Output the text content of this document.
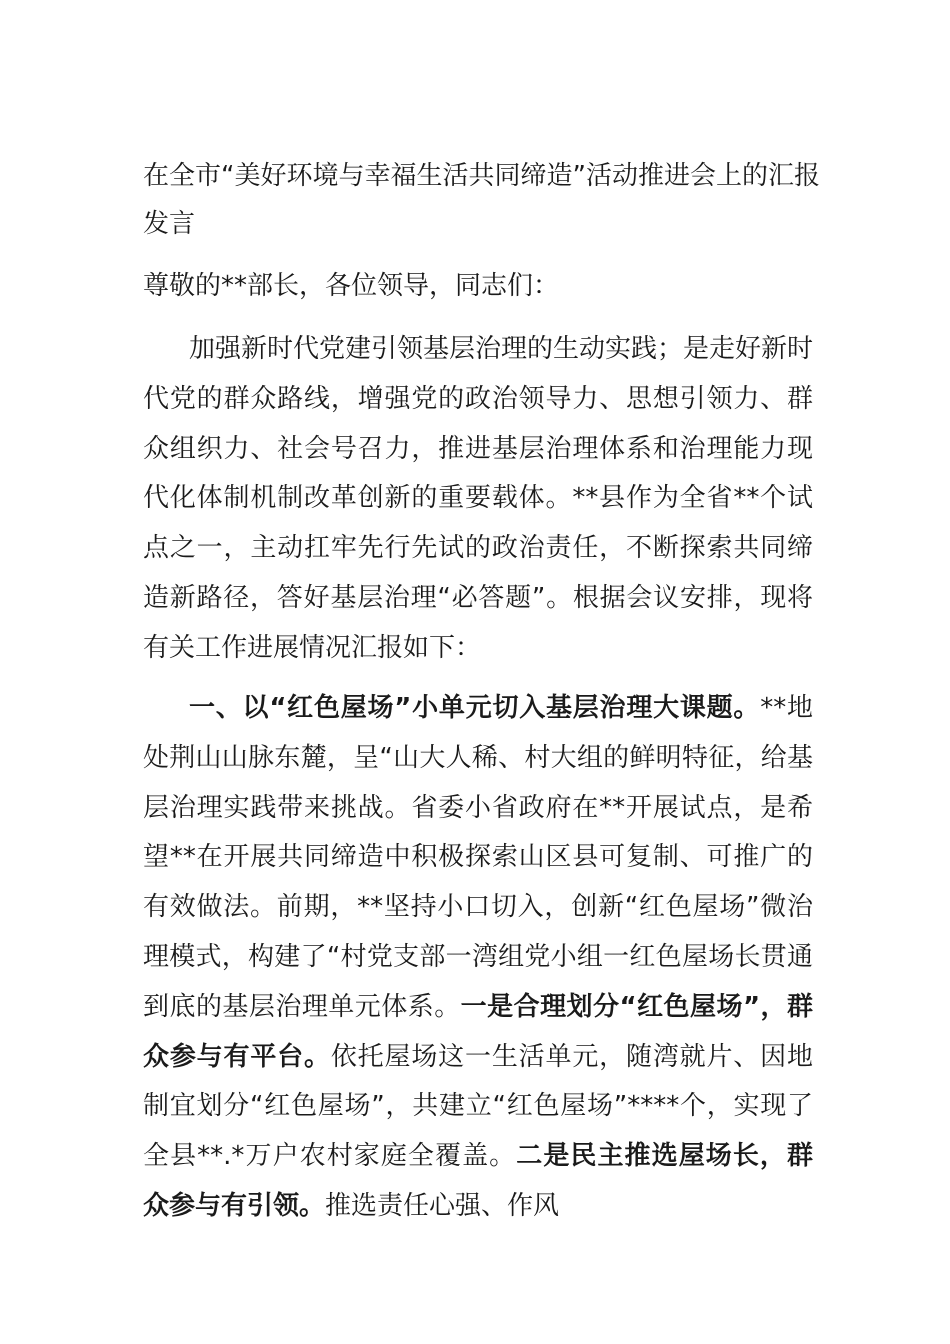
在全市“美好环境与幸福生活共同缔造”活动推进会上的汇报发言

尊敬的**部长，各位领导，同志们：

加强新时代党建引领基层治理的生动实践；是走好新时代党的群众路线，增强党的政治领导力、思想引领力、群众组织力、社会号召力，推进基层治理体系和治理能力现代化体制机制改革创新的重要载体。**县作为全省**个试点之一，主动扛牢先行先试的政治责任，不断探索共同缔造新路径，答好基层治理“必答题”。根据会议安排，现将有关工作进展情况汇报如下：

一、以“红色屋场”小单元切入基层治理大课题。**地处荆山山脉东麓，呈“山大人稀、村大组的鲜明特征，给基层治理实践带来挑战。省委小省政府在**开展试点，是希望**在开展共同缔造中积极探索山区县可复制、可推广的有效做法。前期，**坚持小口切入，创新“红色屋场”微治理模式，构建了“村党支部一湾组党小组一红色屋场长贯通到底的基层治理单元体系。一是合理划分“红色屋场”，群众参与有平台。依托屋场这一生活单元，随湾就片、因地制宜划分“红色屋场”，共建立“红色屋场”****个，实现了全县**.*万户农村家庭全覆盖。二是民主推选屋场长，群众参与有引领。推选责任心强、作风
